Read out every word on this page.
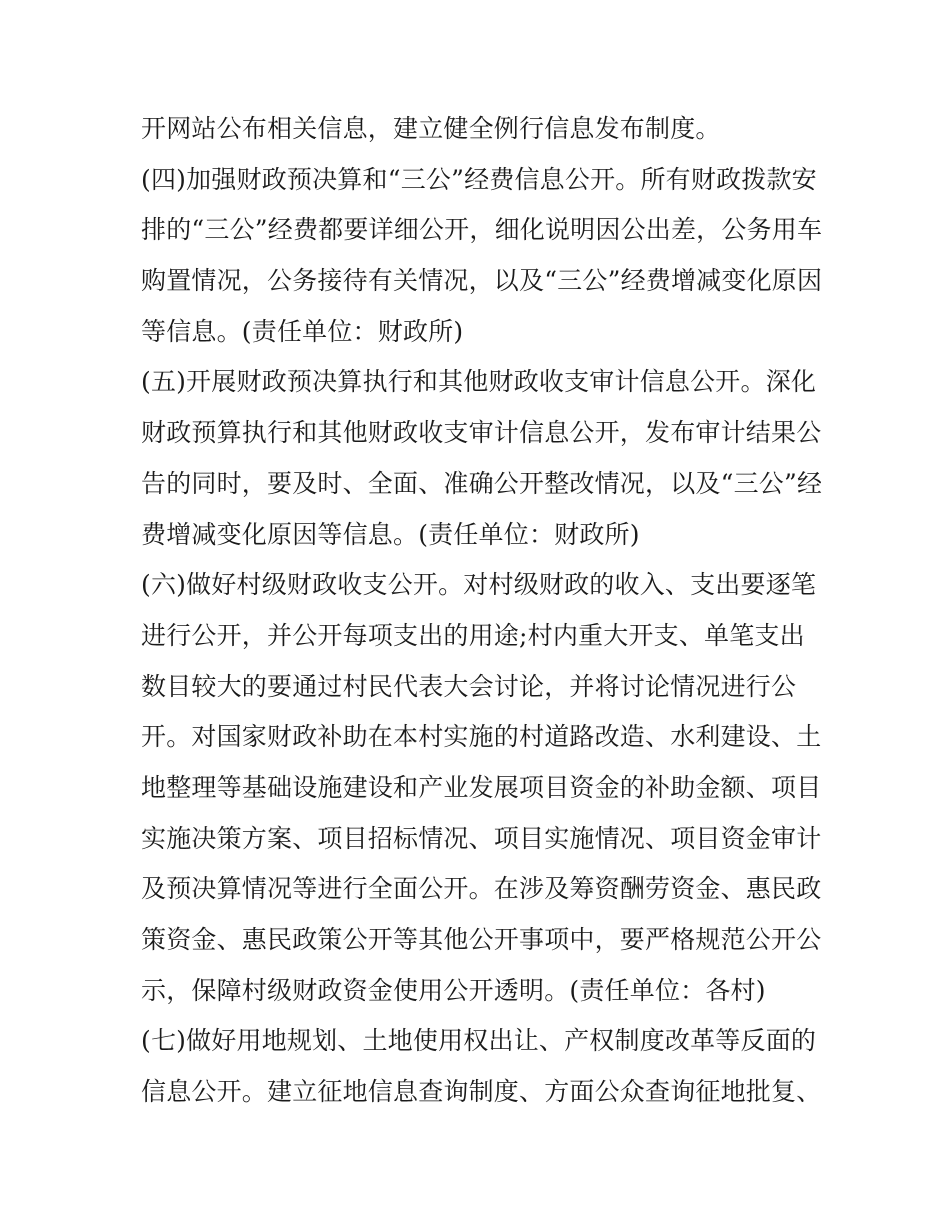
开网站公布相关信息，建立健全例行信息发布制度。
(四)加强财政预决算和“三公”经费信息公开。所有财政拨款安
排的“三公”经费都要详细公开，细化说明因公出差，公务用车
购置情况，公务接待有关情况，以及“三公”经费增减变化原因
等信息。(责任单位：财政所)
(五)开展财政预决算执行和其他财政收支审计信息公开。深化
财政预算执行和其他财政收支审计信息公开，发布审计结果公
告的同时，要及时、全面、准确公开整改情况，以及“三公”经
费增减变化原因等信息。(责任单位：财政所)
(六)做好村级财政收支公开。对村级财政的收入、支出要逐笔
进行公开，并公开每项支出的用途;村内重大开支、单笔支出
数目较大的要通过村民代表大会讨论，并将讨论情况进行公
开。对国家财政补助在本村实施的村道路改造、水利建设、土
地整理等基础设施建设和产业发展项目资金的补助金额、项目
实施决策方案、项目招标情况、项目实施情况、项目资金审计
及预决算情况等进行全面公开。在涉及筹资酬劳资金、惠民政
策资金、惠民政策公开等其他公开事项中，要严格规范公开公
示，保障村级财政资金使用公开透明。(责任单位：各村)
(七)做好用地规划、土地使用权出让、产权制度改革等反面的
信息公开。建立征地信息查询制度、方面公众查询征地批复、
